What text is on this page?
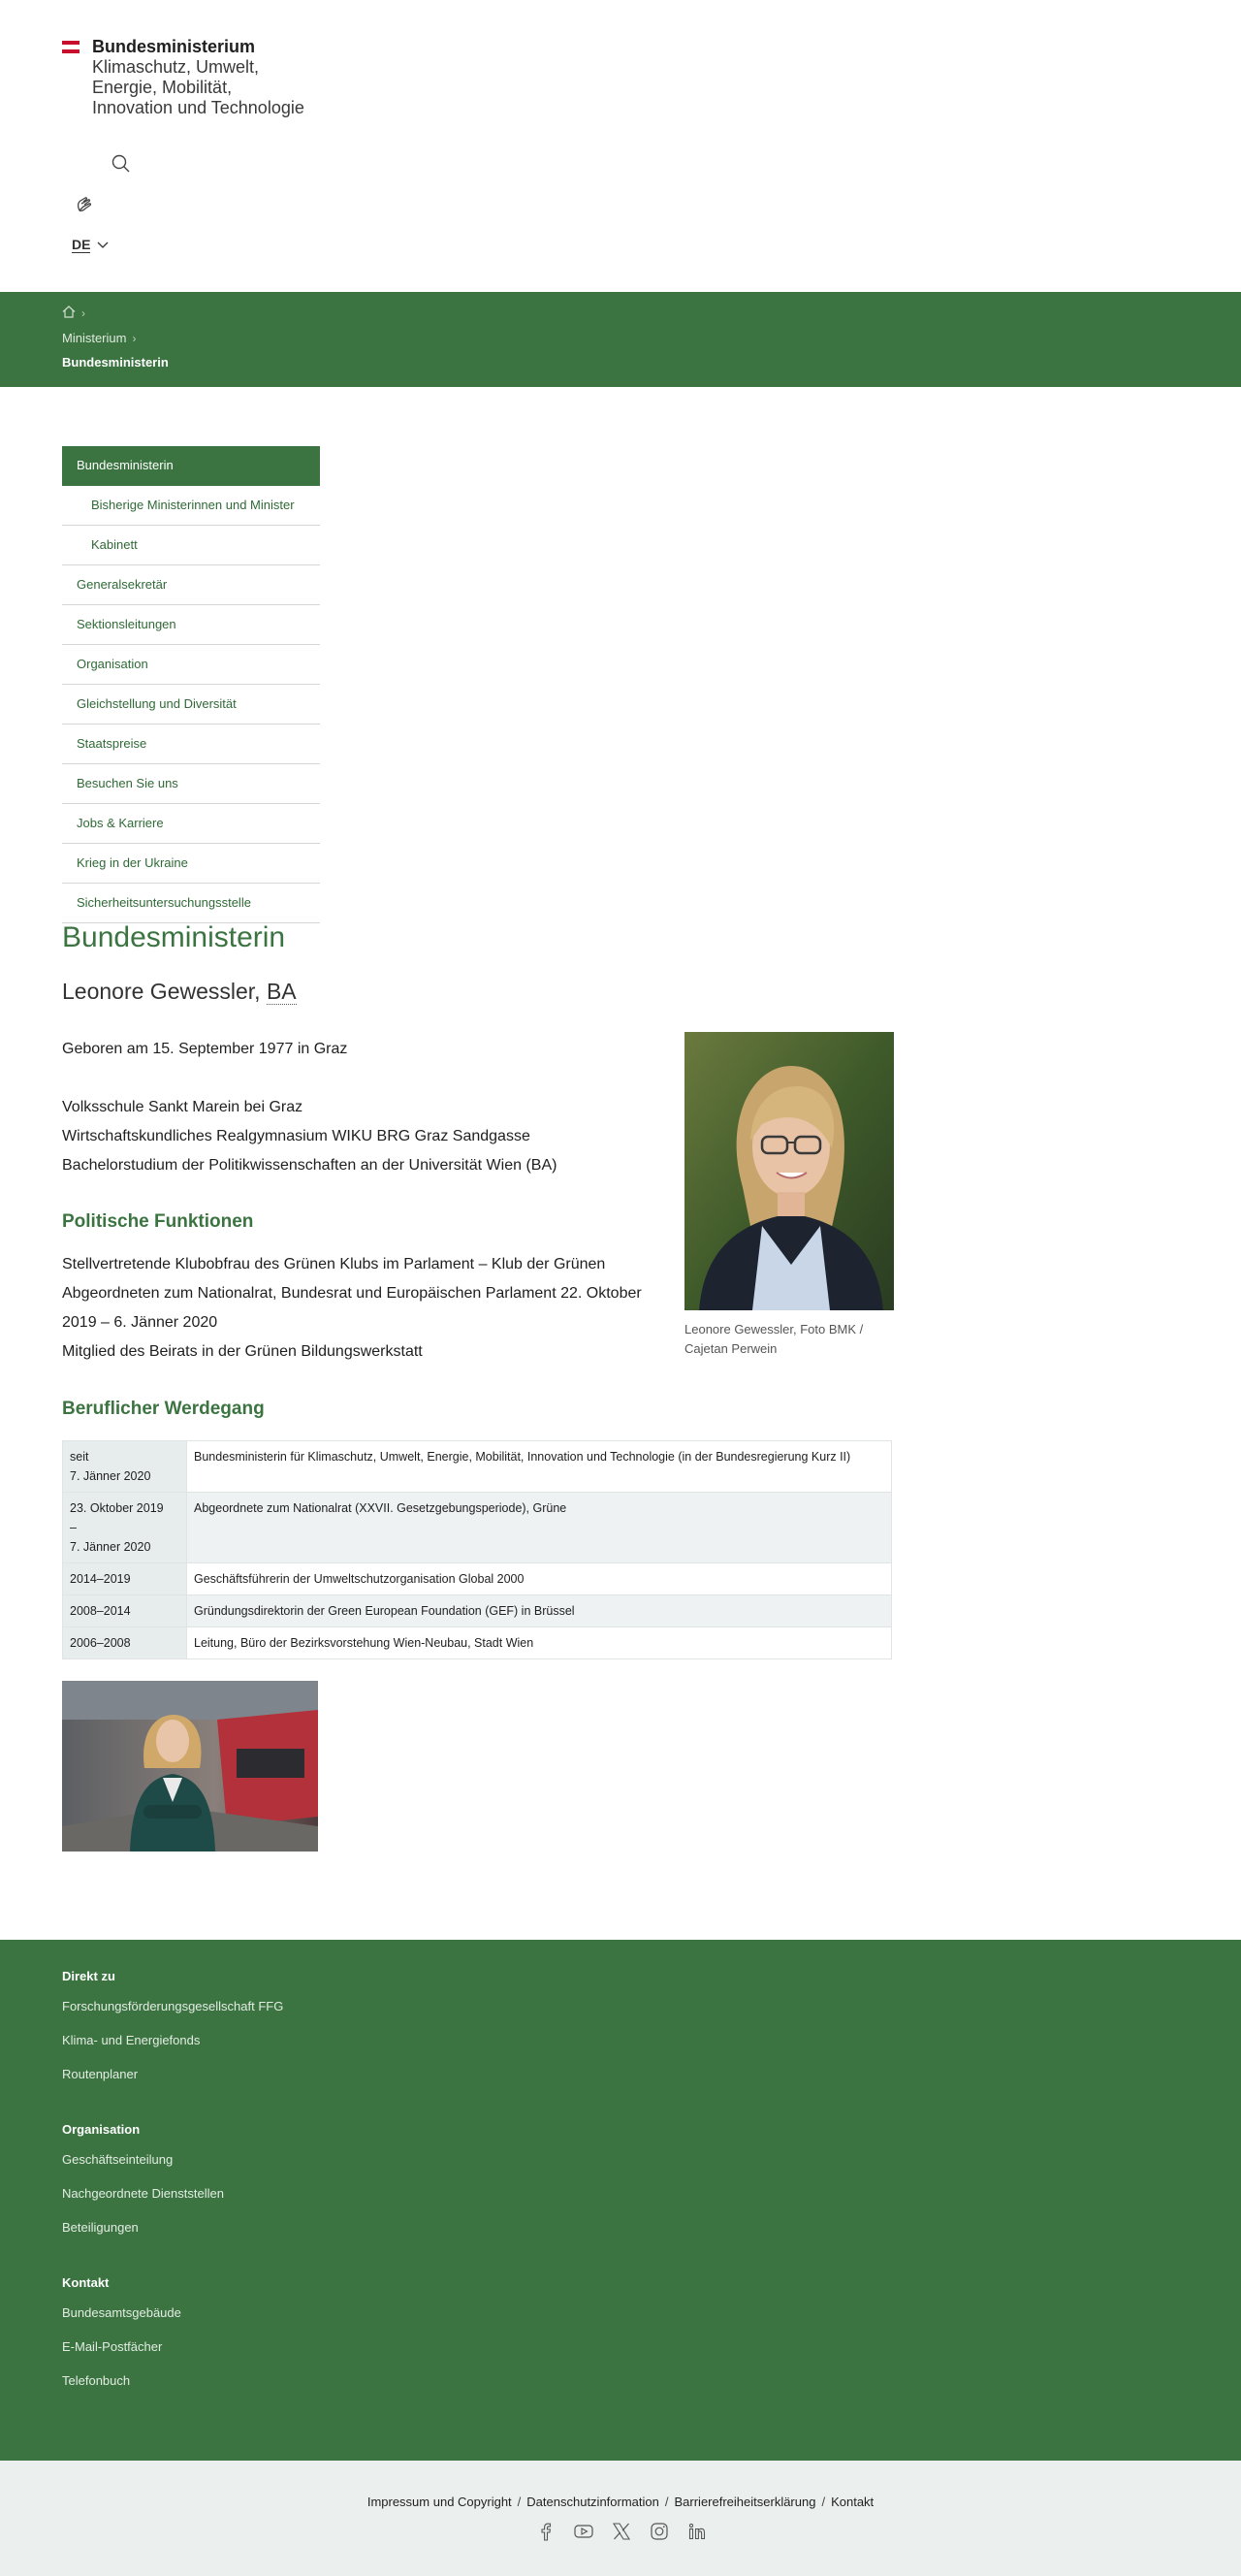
Bundesministerium
Klimaschutz, Umwelt,
Energie, Mobilität,
Innovation und Technologie
DE
›
Ministerium ›
Bundesministerin
Bundesministerin
Bisherige Ministerinnen und Minister
Kabinett
Generalsekretär
Sektionsleitungen
Organisation
Gleichstellung und Diversität
Staatspreise
Besuchen Sie uns
Jobs & Karriere
Krieg in der Ukraine
Sicherheitsuntersuchungsstelle
Bundesministerin
Leonore Gewessler, BA

Geboren am 15. September 1977 in Graz

Volksschule Sankt Marein bei Graz

Wirtschaftskundliches Realgymnasium WIKU BRG Graz Sandgasse

Bachelorstudium der Politikwissenschaften an der Universität Wien (BA)

Politische Funktionen

Stellvertretende Klubobfrau des Grünen Klubs im Parlament – Klub der Grünen

Abgeordneten zum Nationalrat, Bundesrat und Europäischen Parlament 22. Oktober 2019 – 6. Jänner 2020

Mitglied des Beirats in der Grünen Bildungswerkstatt

Leonore Gewessler, Foto BMK / Cajetan Perwein
Beruflicher Werdegang
seit
7. Jänner 2020	Bundesministerin für Klimaschutz, Umwelt, Energie, Mobilität, Innovation und Technologie (in der Bundesregierung Kurz II)
23. Oktober 2019
–
7. Jänner 2020	Abgeordnete zum Nationalrat (XXVII. Gesetzgebungsperiode), Grüne
2014–2019	Geschäftsführerin der Umweltschutzorganisation Global 2000
2008–2014	Gründungsdirektorin der Green European Foundation (GEF) in Brüssel
2006–2008	Leitung, Büro der Bezirksvorstehung Wien-Neubau, Stadt Wien
Direkt zu
Forschungsförderungsgesellschaft FFG
Klima- und Energiefonds
Routenplaner
Organisation
Geschäftseinteilung
Nachgeordnete Dienststellen
Beteiligungen
Kontakt
Bundesamtsgebäude
E-Mail-Postfächer
Telefonbuch
Impressum und Copyright / Datenschutzinformation / Barrierefreiheitserklärung / Kontakt
